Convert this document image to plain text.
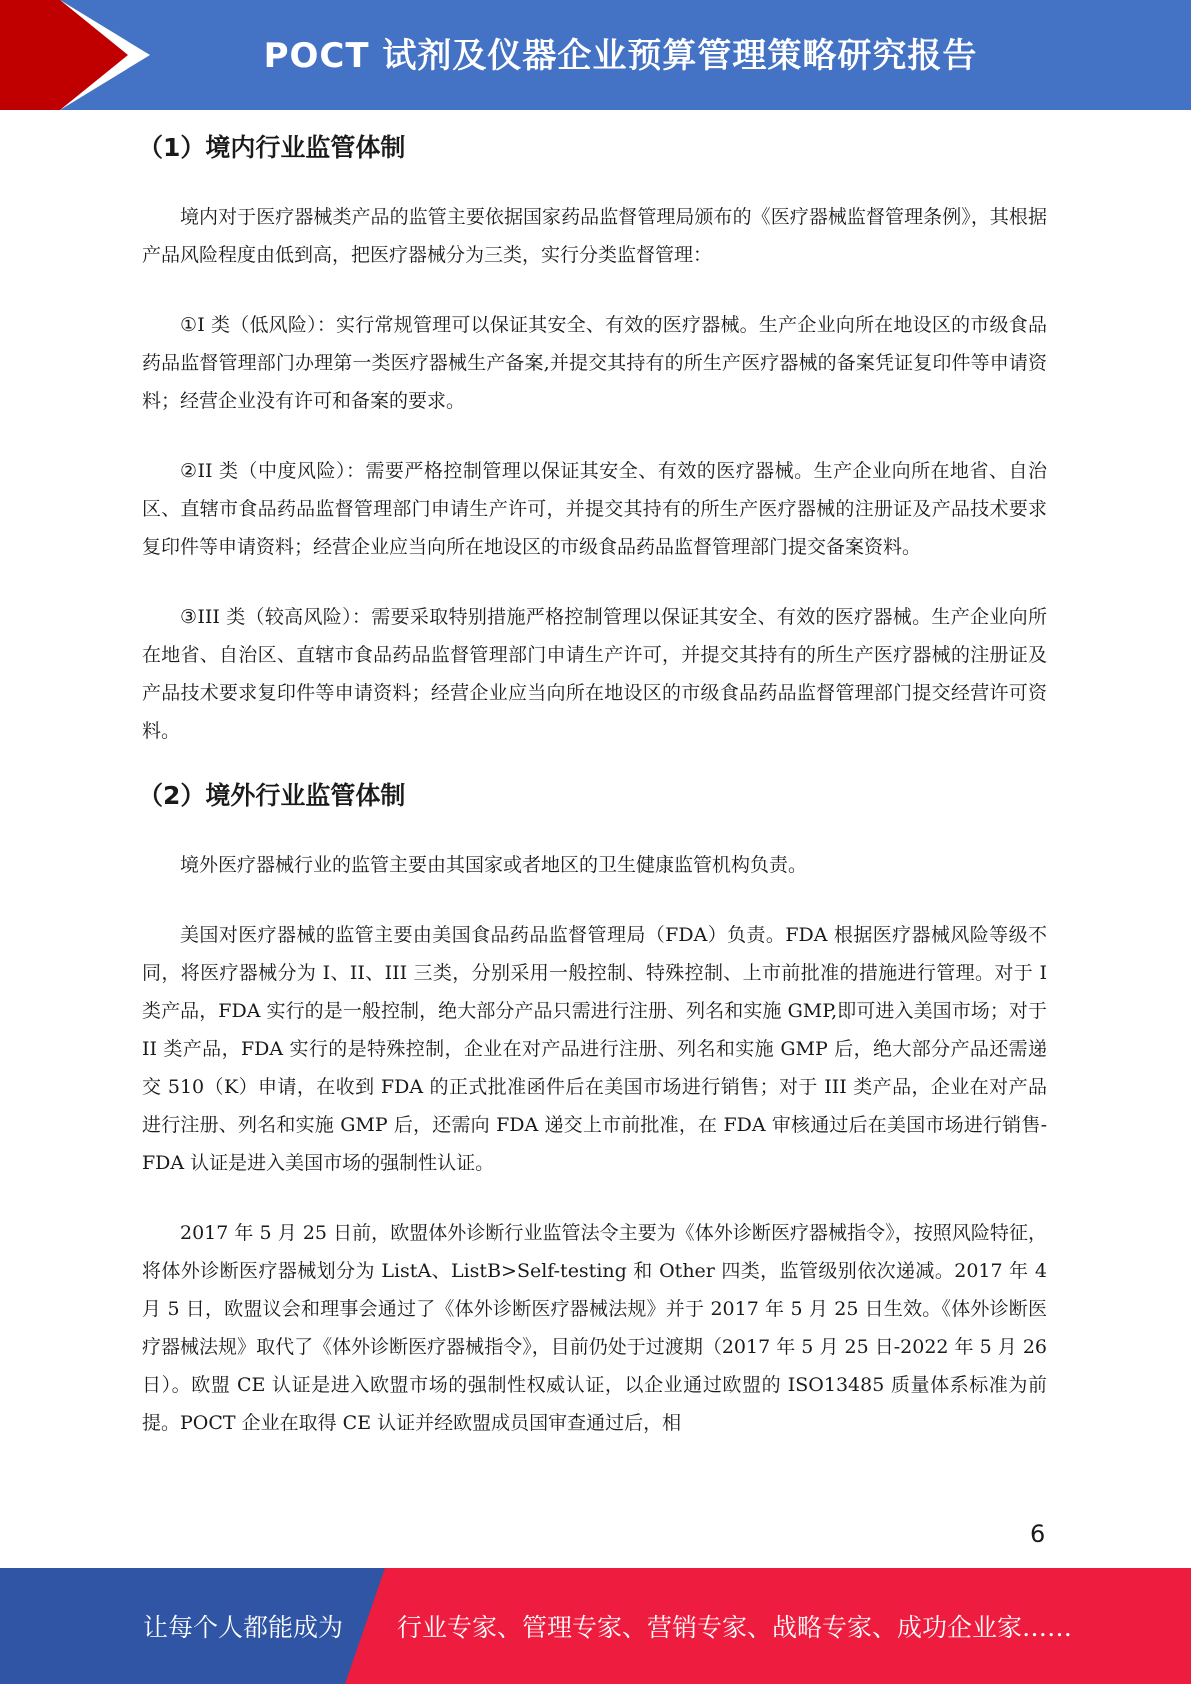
POCT 试剂及仪器企业预算管理策略研究报告
（1）境内行业监管体制

境内对于医疗器械类产品的监管主要依据国家药品监督管理局颁布的《医疗器械监督管理条例》，其根据产品风险程度由低到高，把医疗器械分为三类，实行分类监督管理：

①I 类（低风险）：实行常规管理可以保证其安全、有效的医疗器械。生产企业向所在地设区的市级食品药品监督管理部门办理第一类医疗器械生产备案,并提交其持有的所生产医疗器械的备案凭证复印件等申请资料；经营企业没有许可和备案的要求。

②II 类（中度风险）：需要严格控制管理以保证其安全、有效的医疗器械。生产企业向所在地省、自治区、直辖市食品药品监督管理部门申请生产许可，并提交其持有的所生产医疗器械的注册证及产品技术要求复印件等申请资料；经营企业应当向所在地设区的市级食品药品监督管理部门提交备案资料。

③III 类（较高风险）：需要采取特别措施严格控制管理以保证其安全、有效的医疗器械。生产企业向所在地省、自治区、直辖市食品药品监督管理部门申请生产许可，并提交其持有的所生产医疗器械的注册证及产品技术要求复印件等申请资料；经营企业应当向所在地设区的市级食品药品监督管理部门提交经营许可资料。

（2）境外行业监管体制

境外医疗器械行业的监管主要由其国家或者地区的卫生健康监管机构负责。

美国对医疗器械的监管主要由美国食品药品监督管理局（FDA）负责。FDA 根据医疗器械风险等级不同，将医疗器械分为 I、II、III 三类，分别采用一般控制、特殊控制、上市前批准的措施进行管理。对于 I 类产品，FDA 实行的是一般控制，绝大部分产品只需进行注册、列名和实施 GMP,即可进入美国市场；对于 II 类产品，FDA 实行的是特殊控制，企业在对产品进行注册、列名和实施 GMP 后，绝大部分产品还需递交 510（K）申请，在收到 FDA 的正式批准函件后在美国市场进行销售；对于 III 类产品，企业在对产品进行注册、列名和实施 GMP 后，还需向 FDA 递交上市前批准，在 FDA 审核通过后在美国市场进行销售-FDA 认证是进入美国市场的强制性认证。

2017 年 5 月 25 日前，欧盟体外诊断行业监管法令主要为《体外诊断医疗器械指令》，按照风险特征，将体外诊断医疗器械划分为 ListA、ListB>Self-testing 和 Other 四类，监管级别依次递减。2017 年 4 月 5 日，欧盟议会和理事会通过了《体外诊断医疗器械法规》并于 2017 年 5 月 25 日生效。《体外诊断医疗器械法规》取代了《体外诊断医疗器械指令》，目前仍处于过渡期（2017 年 5 月 25 日-2022 年 5 月 26 日）。欧盟 CE 认证是进入欧盟市场的强制性权威认证，以企业通过欧盟的 ISO13485 质量体系标准为前提。POCT 企业在取得 CE 认证并经欧盟成员国审查通过后，相

6
让每个人都能成为 行业专家、管理专家、营销专家、战略专家、成功企业家……
